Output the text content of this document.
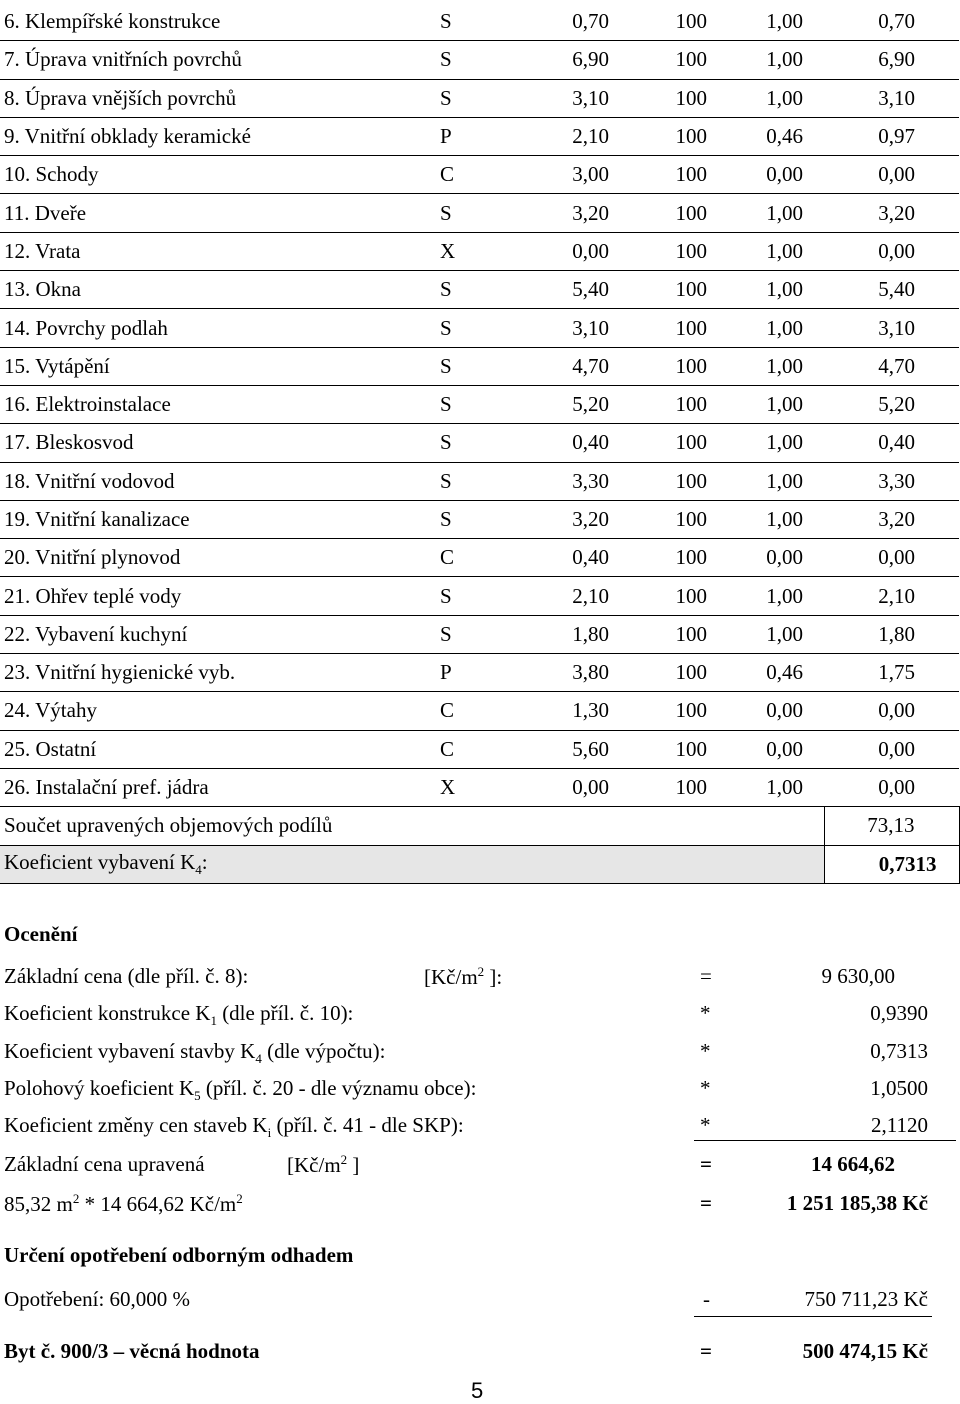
6. Klempířské konstrukce	S	0,70	100	1,00	0,70
7. Úprava vnitřních povrchů	S	6,90	100	1,00	6,90
8. Úprava vnějších povrchů	S	3,10	100	1,00	3,10
9. Vnitřní obklady keramické	P	2,10	100	0,46	0,97
10. Schody	C	3,00	100	0,00	0,00
11. Dveře	S	3,20	100	1,00	3,20
12. Vrata	X	0,00	100	1,00	0,00
13. Okna	S	5,40	100	1,00	5,40
14. Povrchy podlah	S	3,10	100	1,00	3,10
15. Vytápění	S	4,70	100	1,00	4,70
16. Elektroinstalace	S	5,20	100	1,00	5,20
17. Bleskosvod	S	0,40	100	1,00	0,40
18. Vnitřní vodovod	S	3,30	100	1,00	3,30
19. Vnitřní kanalizace	S	3,20	100	1,00	3,20
20. Vnitřní plynovod	C	0,40	100	0,00	0,00
21. Ohřev teplé vody	S	2,10	100	1,00	2,10
22. Vybavení kuchyní	S	1,80	100	1,00	1,80
23. Vnitřní hygienické vyb.	P	3,80	100	0,46	1,75
24. Výtahy	C	1,30	100	0,00	0,00
25. Ostatní	C	5,60	100	0,00	0,00
26. Instalační pref. jádra	X	0,00	100	1,00	0,00
Součet upravených objemových podílů					73,13
Koeficient vybavení $K_4$:					0,7313
Ocenění
Základní cena (dle příl. č. 8):	[$Kč/m^2$ ]:	=	9 630,00
Koeficient konstrukce $K_1$ (dle příl. č. 10):	*	0,9390
Koeficient vybavení stavby $K_4$ (dle výpočtu):	*	0,7313
Polohový koeficient $K_5$ (příl. č. 20 - dle významu obce):	*	1,0500
Koeficient změny cen staveb $K_i$ (příl. č. 41 - dle SKP):	*	2,1120
Základní cena upravená	[$Kč/m^2$ ]	=	14 664,62
85,32 $m^2 * 14$ 664,62 $Kč/m^2$	=	1 251 185,38 Kč
Určení opotřebení odborným odhadem
Opotřebení: 60,000 %	-	750 711,23 Kč
Byt č. 900/3 – věcná hodnota	=	500 474,15 Kč
5
